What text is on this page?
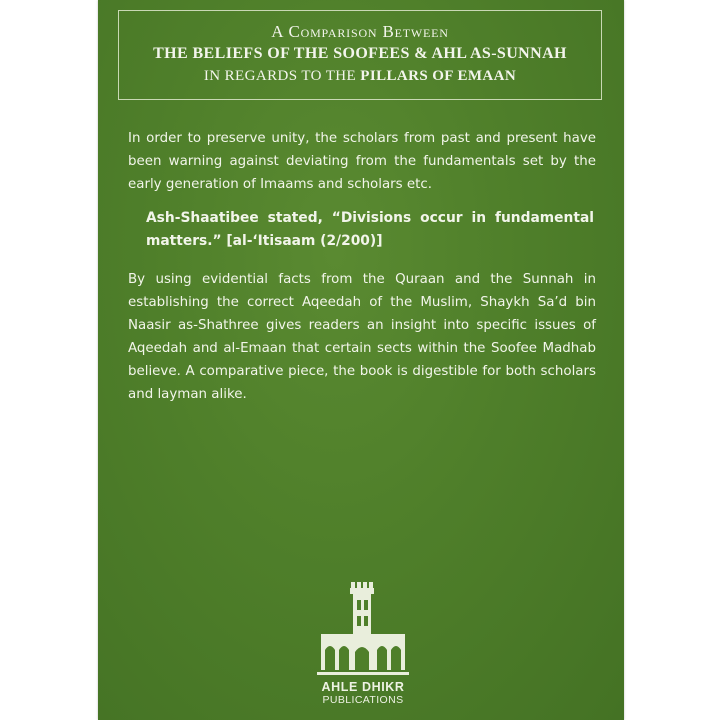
A Comparison Between
THE BELIEFS OF THE SOOFEES & AHL AS-SUNNAH
IN REGARDS TO THE PILLARS OF EMAAN
In order to preserve unity, the scholars from past and present have been warning against deviating from the fundamentals set by the early generation of Imaams and scholars etc.
Ash-Shaatibee stated, “Divisions occur in fundamental matters.” [al-‘Itisaam (2/200)]
By using evidential facts from the Quraan and the Sunnah in establishing the correct Aqeedah of the Muslim, Shaykh Sa’d bin Naasir as-Shathree gives readers an insight into specific issues of Aqeedah and al-Emaan that certain sects within the Soofee Madhab believe. A comparative piece, the book is digestible for both scholars and layman alike.
AHLE DHIKR
PUBLICATIONS
